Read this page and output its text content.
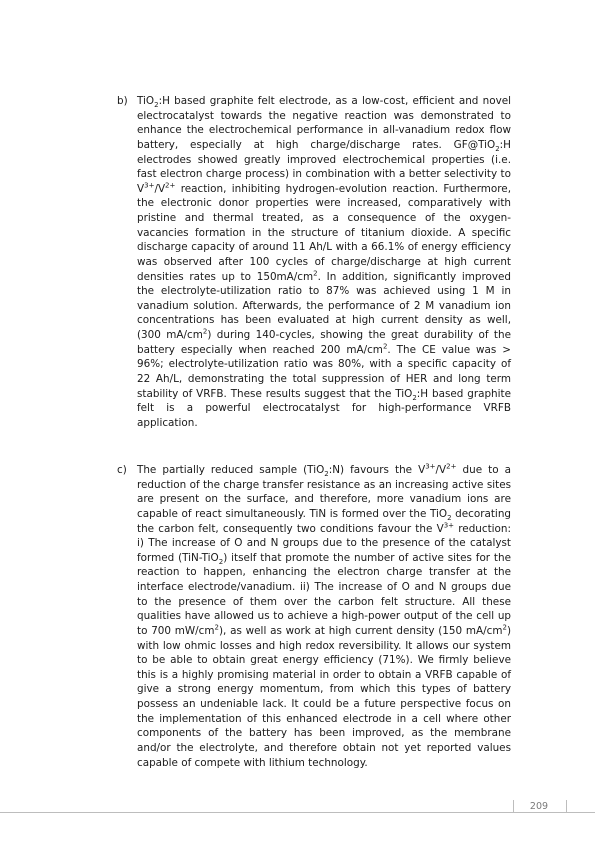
b) TiO$_2$:H based graphite felt electrode, as a low-cost, efficient and novel electrocatalyst towards the negative reaction was demonstrated to enhance the electrochemical performance in all-vanadium redox flow battery, especially at high charge/discharge rates. GF@TiO$_2$:H electrodes showed greatly improved electrochemical properties (i.e. fast electron charge process) in combination with a better selectivity to $V^{3+}/V^{2+}$ reaction, inhibiting hydrogen-evolution reaction. Furthermore, the electronic donor properties were increased, comparatively with pristine and thermal treated, as a consequence of the oxygen-vacancies formation in the structure of titanium dioxide. A specific discharge capacity of around 11 Ah/L with a 66.1% of energy efficiency was observed after 100 cycles of charge/discharge at high current densities rates up to $150mA/cm^2$. In addition, significantly improved the electrolyte-utilization ratio to 87% was achieved using 1 M in vanadium solution. Afterwards, the performance of 2 M vanadium ion concentrations has been evaluated at high current density as well, (300 $mA/cm^2$) during 140-cycles, showing the great durability of the battery especially when reached 200 $mA/cm^2$. The CE value was > 96%; electrolyte-utilization ratio was 80%, with a specific capacity of 22 Ah/L, demonstrating the total suppression of HER and long term stability of VRFB. These results suggest that the TiO$_2$:H based graphite felt is a powerful electrocatalyst for high-performance VRFB application.
c) The partially reduced sample (TiO$_2$:N) favours the $V^{3+}/V^{2+}$ due to a reduction of the charge transfer resistance as an increasing active sites are present on the surface, and therefore, more vanadium ions are capable of react simultaneously. TiN is formed over the TiO$_2$ decorating the carbon felt, consequently two conditions favour the $V^{3+}$ reduction: i) The increase of O and N groups due to the presence of the catalyst formed (TiN-TiO$_2$) itself that promote the number of active sites for the reaction to happen, enhancing the electron charge transfer at the interface electrode/vanadium. ii) The increase of O and N groups due to the presence of them over the carbon felt structure. All these qualities have allowed us to achieve a high-power output of the cell up to 700 $mW/cm^2$), as well as work at high current density (150 $mA/cm^2$) with low ohmic losses and high redox reversibility. It allows our system to be able to obtain great energy efficiency (71%). We firmly believe this is a highly promising material in order to obtain a VRFB capable of give a strong energy momentum, from which this types of battery possess an undeniable lack. It could be a future perspective focus on the implementation of this enhanced electrode in a cell where other components of the battery has been improved, as the membrane and/or the electrolyte, and therefore obtain not yet reported values capable of compete with lithium technology.
209
